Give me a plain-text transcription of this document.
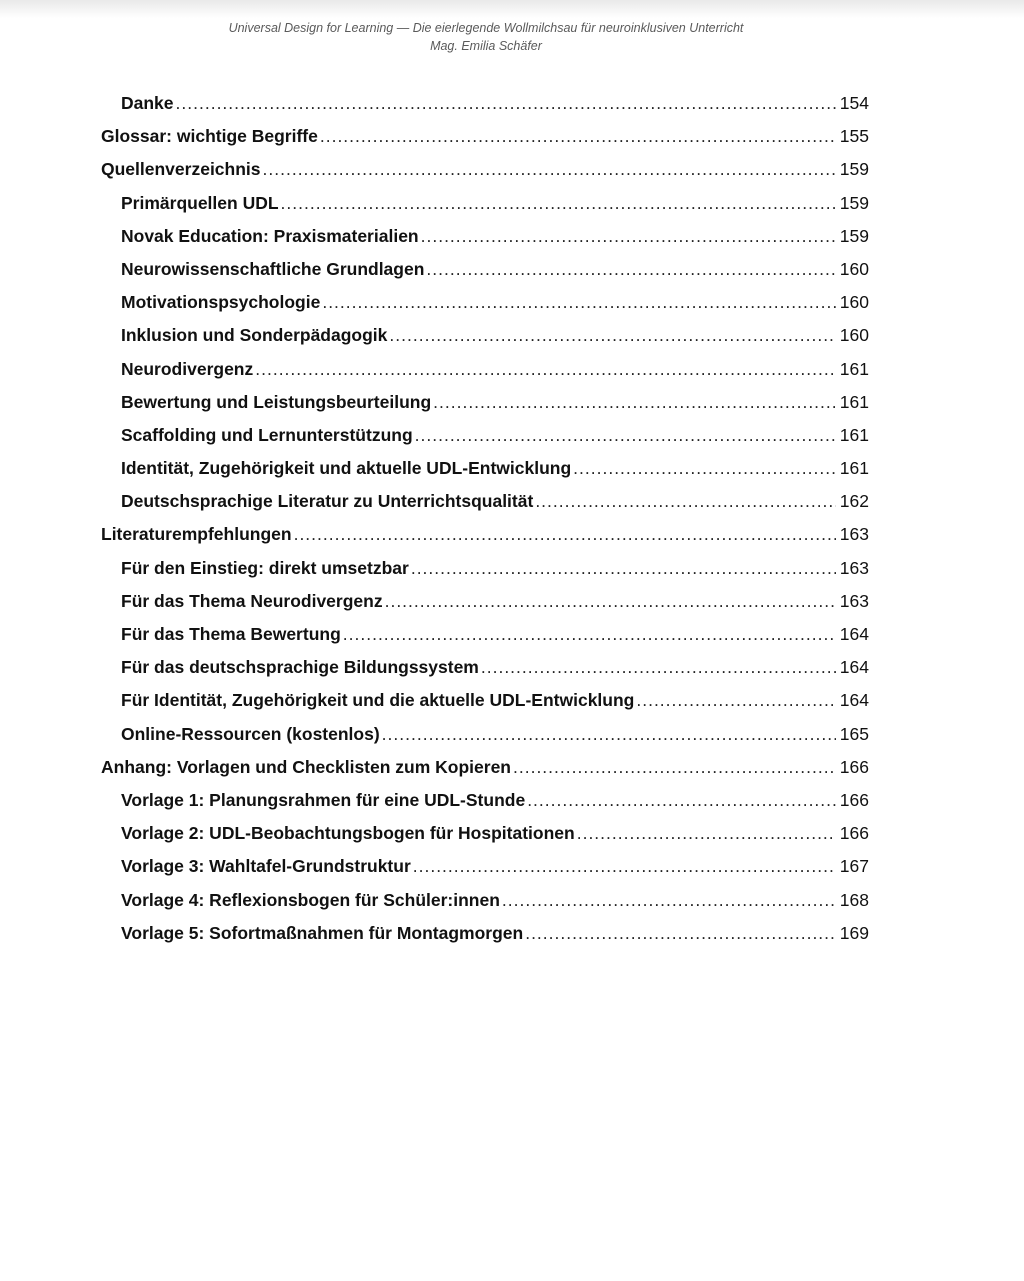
Universal Design for Learning — Die eierlegende Wollmilchsau für neuroinklusiven Unterricht
Mag. Emilia Schäfer
Danke .....	154
Glossar: wichtige Begriffe .....	155
Quellenverzeichnis .....	159
Primärquellen UDL .....	159
Novak Education: Praxismaterialien .....	159
Neurowissenschaftliche Grundlagen .....	160
Motivationspsychologie .....	160
Inklusion und Sonderpädagogik .....	160
Neurodivergenz .....	161
Bewertung und Leistungsbeurteilung .....	161
Scaffolding und Lernunterstützung .....	161
Identität, Zugehörigkeit und aktuelle UDL-Entwicklung .....	161
Deutschsprachige Literatur zu Unterrichtsqualität .....	162
Literaturempfehlungen .....	163
Für den Einstieg: direkt umsetzbar .....	163
Für das Thema Neurodivergenz .....	163
Für das Thema Bewertung .....	164
Für das deutschsprachige Bildungssystem .....	164
Für Identität, Zugehörigkeit und die aktuelle UDL-Entwicklung .....	164
Online-Ressourcen (kostenlos) .....	165
Anhang: Vorlagen und Checklisten zum Kopieren .....	166
Vorlage 1: Planungsrahmen für eine UDL-Stunde .....	166
Vorlage 2: UDL-Beobachtungsbogen für Hospitationen .....	166
Vorlage 3: Wahltafel-Grundstruktur .....	167
Vorlage 4: Reflexionsbogen für Schüler:innen .....	168
Vorlage 5: Sofortmaßnahmen für Montagmorgen .....	169
